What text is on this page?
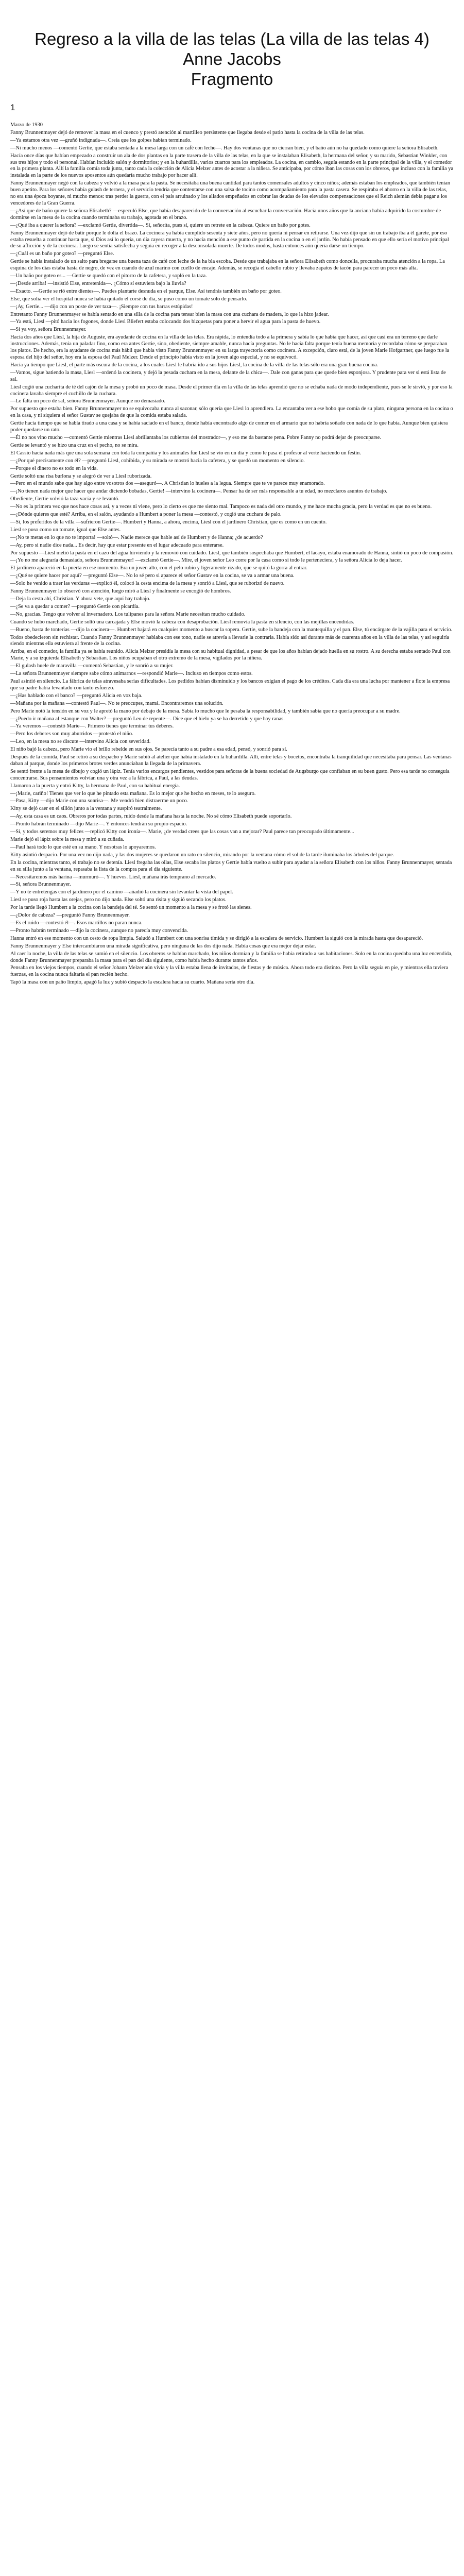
Regreso a la villa de las telas (La villa de las telas 4)
Anne Jacobs
Fragmento
1

Marzo de 1930

Fanny Brunnenmayer dejó de remover la masa en el cuenco y prestó atención al martilleo persistente que llegaba desde el patio hasta la cocina de la villa de las telas.

—Ya estamos otra vez —gruñó indignada—. Creía que los golpes habían terminado.

—Ni mucho menos —comentó Gertie, que estaba sentada a la mesa larga con un café con leche—. Hay dos ventanas que no cierran bien, y el baño aún no ha quedado como quiere la señora Elisabeth.

Hacía once días que habían empezado a construir un ala de dos plantas en la parte trasera de la villa de las telas, en la que se instalaban Elisabeth, la hermana del señor, y su marido, Sebastian Winkler, con sus tres hijos y todo el personal. Habían incluido salón y dormitorios; y en la buhardilla, varios cuartos para los empleados. La cocina, en cambio, seguía estando en la parte principal de la villa, y el comedor en la primera planta. Allí la familia comía toda junta, tanto cada la colección de Alicia Melzer antes de acostar a la niñera. Se anticipaba, por cómo iban las cosas con los obreros, que incluso con la familia ya instalada en la parte de los nuevos aposentos aún quedaría mucho trabajo por hacer allí.

Fanny Brunnenmayer negó con la cabeza y volvió a la masa para la pasta. Se necesitaba una buena cantidad para tantos comensales adultos y cinco niños; además estaban los empleados, que también tenían buen apetito. Para los señores había gulash de ternera, y el servicio tendría que contentarse con una salsa de tocino como acompañamiento para la pasta casera. Se respiraba el ahorro en la villa de las telas, no era una época boyante, ni mucho menos: tras perder la guerra, con el país arruinado y los aliados empeñados en cobrar las deudas de los elevados compensaciones que el Reich alemán debía pagar a los vencedores de la Gran Guerra.

—¿Así que de baño quiere la señora Elisabeth? —especuló Else, que había desaparecido de la conversación al escuchar la conversación. Hacía unos años que la anciana había adquirido la costumbre de dormirse en la mesa de la cocina cuando terminaba su trabajo, agotada en el brazo.

—¿Qué iba a querer la señora? —exclamó Gertie, divertida—. Sí, señorita, pues sí, quiere un retrete en la cabeza. Quiere un baño por gotes.

Fanny Brunnenmayer dejó de batir porque le dolía el brazo. La cocinera ya había cumplido sesenta y siete años, pero no quería ni pensar en retirarse. Una vez dijo que sin un trabajo iba a él garete, por eso estaba resuelta a continuar hasta que, si Dios así lo quería, un día cayera muerta, y no hacía mención a ese punto de partida en la cocina o en el jardín. No había pensado en que ello sería el motivo principal de su aflicción y de la cocinera. Luego se sentía satisfecha y seguía en recoger a la desconsolada muerte. De todos modos, hasta entonces aún quería darse un tiempo.

—¿Cuál es un baño por goteo? —preguntó Else.

Gertie se había instalado de un salto para bregarse una buena taza de café con leche de la ha bla escoba. Desde que trabajaba en la señora Elisabeth como doncella, procuraba mucha atención a la ropa. La esquina de los días estaba hasta de negro, de vez en cuando de azul marino con cuello de encaje. Además, se recogía el cabello rubio y llevaba zapatos de tacón para parecer un poco más alta.

—Un baño por goteo es... —Gertie se quedó con el pitorro de la cafetera, y sopló en la taza.

—¡Desde arriba! —insistió Else, entretenida—. ¿Cómo sí estuviera bajo la lluvia?

—Exacto. —Gertie se rió entre dientes—. Puedes plantarte desnuda en el parque, Else. Así tendrás también un baño por goteo.

Else, que solía ver el hospital nunca se había quitado el corsé de día, se puso como un tomate solo de pensarlo.

—¡Ay, Gertie... —dijo con un poste de ver taza—. ¡Siempre con tus barras estúpidas!

Entretanto Fanny Brunnenmayer se había sentado en una silla de la cocina para tensar bien la masa con una cuchara de madera, lo que la hizo jadear.

—Ya está, Liesl —pitó hacia los fogones, donde Liesl Bliefert estaba colocando dos bizquetas para poner a hervir el agua para la pasta de huevo.

—Sí ya voy, señora Brunnenmayer.

Hacía dos años que Liesl, la hija de Auguste, era ayudante de cocina en la villa de las telas. Era rápida, lo entendía todo a la primera y sabía lo que había que hacer, así que casi era un terreno que darle instrucciones. Además, tenía un paladar fino, como era antes Gertie, sino, obediente, siempre amable, nunca hacía preguntas. No le hacía falta porque tenía buena memoria y recordaba cómo se preparaban los platos. De hecho, era la ayudante de cocina más hábil que había visto Fanny Brunnenmayer en su larga trayectoria como cocinera. A excepción, claro está, de la joven Marie Hofgartner, que luego fue la esposa del hijo del señor, hoy era la esposa del Paul Melzer. Desde el principio había visto en la joven algo especial, y no se equivocó.

Hacía ya tiempo que Liesl, el parte más oscura de la cocina, a los cuales Liesl le habría ido a sus hijos Liesl, la cocina de la villa de las telas sólo era una gran buena cocina.

—Vamos, sigue batiendo la masa, Liesl —ordenó la cocinera, y dejó la pesada cuchara en la mesa, delante de la chica—. Dale con ganas para que quede bien esponjosa. Y prudente para ver si está lista de sal.

Liesl cogió una cucharita de té del cajón de la mesa y probó un poco de masa. Desde el primer día en la villa de las telas aprendió que no se echaba nada de modo independiente, pues se le sirvió, y por eso la cocinera lavaba siempre el cuchillo de la cuchara.

—Le falta un poco de sal, señora Brunnenmayer. Aunque no demasiado.

Por supuesto que estaba bien. Fanny Brunnenmayer no se equivocaba nunca al sazonar, sólo quería que Liesl lo aprendiera. La encantaba ver a ese bobo que comía de su plato, ninguna persona en la cocina o en la casa, y ni siquiera el señor Gustav se quejaba de que la comida estaba salada.

Gertie hacía tiempo que se había tirado a una casa y se había saciado en el banco, donde había encontrado algo de comer en el armario que no habría soñado con nada de lo que había. Aunque bien quisiera poder quedarse un rato.

—Él no nos vino mucho —comentó Gertie mientras Liesl abrillantaba los cubiertos del mostrador—, y eso me da bastante pena. Pobre Fanny no podrá dejar de preocuparse.

Gertie se levantó y se hizo una cruz en el pecho, no se mira.

El Cassio hacía nada más que una sola semana con toda la compañía y los animales fue Liesl se vio en un día y como le pasa el profesor al verte haciendo un festín.

—¿Por qué precisamente con él? —preguntó Liesl, cohibida, y su mirada se mostró hacia la cafetera, y se quedó un momento en silencio.

—Porque el dinero no es todo en la vida.

Gertie soltó una risa burlona y se alegró de ver a Liesl ruborizada.

—Pero en el mundo sabe que hay algo entre vosotros dos —aseguró—. A Christian lo hueles a la legua. Siempre que te ve parece muy enamorado.

—¡No tienen nada mejor que hacer que andar diciendo bobadas, Gertie! —intervino la cocinera—. Pensar ha de ser más responsable a tu edad, no mezclaros asuntos de trabajo.

Obediente, Gertie volvió la taza vacía y se levantó.

—No es la primera vez que nos hace cosas así, y a veces ni viene, pero lo cierto es que me siento mal. Tampoco es nada del otro mundo, y me hace mucha gracia, pero la verdad es que no es bueno.

—¿Dónde quieres que esté? Arriba, en el salón, ayudando a Humbert a poner la mesa —contestó, y cogió una cuchara de palo.

—Sí, los preferidos de la villa —sufrieron Gertie—. Humbert y Hanna, a ahora, encima, Liesl con el jardinero Christian, que es como en un cuento.

Liesl se puso como un tomate, igual que Else antes.

—¡No te metas en lo que no te importa! —soltó—. Nadie merece que hable así de Humbert y de Hanna; ¿de acuerdo?

—Ay, pero si nadie dice nada... Es decir, hay que estar presente en el lugar adecuado para enterarse.

Por supuesto —Liesl metió la pasta en el cazo del agua hirviendo y la removió con cuidado. Liesl, que también sospechaba que Humbert, el lacayo, estaba enamorado de Hanna, sintió un poco de compasión.

—¡Yo no me alegraría demasiado, señora Brunnenmayer! —exclamó Gertie—. Mire, el joven señor Leo corre por la casa como si todo le perteneciera, y la señora Alicia lo deja hacer.

El jardinero apareció en la puerta en ese momento. Era un joven alto, con el pelo rubio y ligeramente rizado, que se quitó la gorra al entrar.

—¿Qué se quiere hacer por aquí? —preguntó Else—. No lo sé pero si aparece el señor Gustav en la cocina, se va a armar una buena.

—Solo he venido a traer las verduras —explicó él, colocó la cesta encima de la mesa y sonrió a Liesl, que se ruborizó de nuevo.

Fanny Brunnenmayer lo observó con atención, luego miró a Liesl y finalmente se encogió de hombros.

—Deja la cesta ahí, Christian. Y ahora vete, que aquí hay trabajo.

—¿Se va a quedar a comer? —preguntó Gertie con picardía.

—No, gracias. Tengo que volver al invernadero. Los tulipanes para la señora Marie necesitan mucho cuidado.

Cuando se hubo marchado, Gertie soltó una carcajada y Else movió la cabeza con desaprobación. Liesl removía la pasta en silencio, con las mejillas encendidas.

—Bueno, basta de tonterías —dijo la cocinera—. Humbert bajará en cualquier momento a buscar la sopera. Gertie, sube la bandeja con la mantequilla y el pan. Else, tú encárgate de la vajilla para el servicio.

Todos obedecieron sin rechistar. Cuando Fanny Brunnenmayer hablaba con ese tono, nadie se atrevía a llevarle la contraria. Había sido así durante más de cuarenta años en la villa de las telas, y así seguiría siendo mientras ella estuviera al frente de la cocina.

Arriba, en el comedor, la familia ya se había reunido. Alicia Melzer presidía la mesa con su habitual dignidad, a pesar de que los años habían dejado huella en su rostro. A su derecha estaba sentado Paul con Marie, y a su izquierda Elisabeth y Sebastian. Los niños ocupaban el otro extremo de la mesa, vigilados por la niñera.

—El gulash huele de maravilla —comentó Sebastian, y le sonrió a su mujer.

—La señora Brunnenmayer siempre sabe cómo animarnos —respondió Marie—. Incluso en tiempos como estos.

Paul asintió en silencio. La fábrica de telas atravesaba serias dificultades. Los pedidos habían disminuido y los bancos exigían el pago de los créditos. Cada día era una lucha por mantener a flote la empresa que su padre había levantado con tanto esfuerzo.

—¿Has hablado con el banco? —preguntó Alicia en voz baja.

—Mañana por la mañana —contestó Paul—. No te preocupes, mamá. Encontraremos una solución.

Pero Marie notó la tensión en su voz y le apretó la mano por debajo de la mesa. Sabía lo mucho que le pesaba la responsabilidad, y también sabía que no quería preocupar a su madre.

—¿Puedo ir mañana al estanque con Walter? —preguntó Leo de repente—. Dice que el hielo ya se ha derretido y que hay ranas.

—Ya veremos —contestó Marie—. Primero tienes que terminar tus deberes.

—Pero los deberes son muy aburridos —protestó el niño.

—Leo, en la mesa no se discute —intervino Alicia con severidad.

El niño bajó la cabeza, pero Marie vio el brillo rebelde en sus ojos. Se parecía tanto a su padre a esa edad, pensó, y sonrió para sí.

Después de la comida, Paul se retiró a su despacho y Marie subió al atelier que había instalado en la buhardilla. Allí, entre telas y bocetos, encontraba la tranquilidad que necesitaba para pensar. Las ventanas daban al parque, donde los primeros brotes verdes anunciaban la llegada de la primavera.

Se sentó frente a la mesa de dibujo y cogió un lápiz. Tenía varios encargos pendientes, vestidos para señoras de la buena sociedad de Augsburgo que confiaban en su buen gusto. Pero esa tarde no conseguía concentrarse. Sus pensamientos volvían una y otra vez a la fábrica, a Paul, a las deudas.

Llamaron a la puerta y entró Kitty, la hermana de Paul, con su habitual energía.

—¡Marie, cariño! Tienes que ver lo que he pintado esta mañana. Es lo mejor que he hecho en meses, te lo aseguro.

—Pasa, Kitty —dijo Marie con una sonrisa—. Me vendrá bien distraerme un poco.

Kitty se dejó caer en el sillón junto a la ventana y suspiró teatralmente.

—Ay, esta casa es un caos. Obreros por todas partes, ruido desde la mañana hasta la noche. No sé cómo Elisabeth puede soportarlo.

—Pronto habrán terminado —dijo Marie—. Y entonces tendrán su propio espacio.

—Sí, y todos seremos muy felices —replicó Kitty con ironía—. Marie, ¿de verdad crees que las cosas van a mejorar? Paul parece tan preocupado últimamente...

Marie dejó el lápiz sobre la mesa y miró a su cuñada.

—Paul hará todo lo que esté en su mano. Y nosotras lo apoyaremos.

Kitty asintió despacio. Por una vez no dijo nada, y las dos mujeres se quedaron un rato en silencio, mirando por la ventana cómo el sol de la tarde iluminaba los árboles del parque.

En la cocina, mientras tanto, el trabajo no se detenía. Liesl fregaba las ollas, Else secaba los platos y Gertie había vuelto a subir para ayudar a la señora Elisabeth con los niños. Fanny Brunnenmayer, sentada en su silla junto a la ventana, repasaba la lista de la compra para el día siguiente.

—Necesitaremos más harina —murmuró—. Y huevos. Liesl, mañana irás temprano al mercado.

—Sí, señora Brunnenmayer.

—Y no te entretengas con el jardinero por el camino —añadió la cocinera sin levantar la vista del papel.

Liesl se puso roja hasta las orejas, pero no dijo nada. Else soltó una risita y siguió secando los platos.

Por la tarde llegó Humbert a la cocina con la bandeja del té. Se sentó un momento a la mesa y se frotó las sienes.

—¿Dolor de cabeza? —preguntó Fanny Brunnenmayer.

—Es el ruido —contestó él—. Esos martillos no paran nunca.

—Pronto habrán terminado —dijo la cocinera, aunque no parecía muy convencida.

Hanna entró en ese momento con un cesto de ropa limpia. Saludó a Humbert con una sonrisa tímida y se dirigió a la escalera de servicio. Humbert la siguió con la mirada hasta que desapareció.

Fanny Brunnenmayer y Else intercambiaron una mirada significativa, pero ninguna de las dos dijo nada. Había cosas que era mejor dejar estar.

Al caer la noche, la villa de las telas se sumió en el silencio. Los obreros se habían marchado, los niños dormían y la familia se había retirado a sus habitaciones. Solo en la cocina quedaba una luz encendida, donde Fanny Brunnenmayer preparaba la masa para el pan del día siguiente, como había hecho durante tantos años.

Pensaba en los viejos tiempos, cuando el señor Johann Melzer aún vivía y la villa estaba llena de invitados, de fiestas y de música. Ahora todo era distinto. Pero la villa seguía en pie, y mientras ella tuviera fuerzas, en la cocina nunca faltaría el pan recién hecho.

Tapó la masa con un paño limpio, apagó la luz y subió despacio la escalera hacia su cuarto. Mañana sería otro día.
